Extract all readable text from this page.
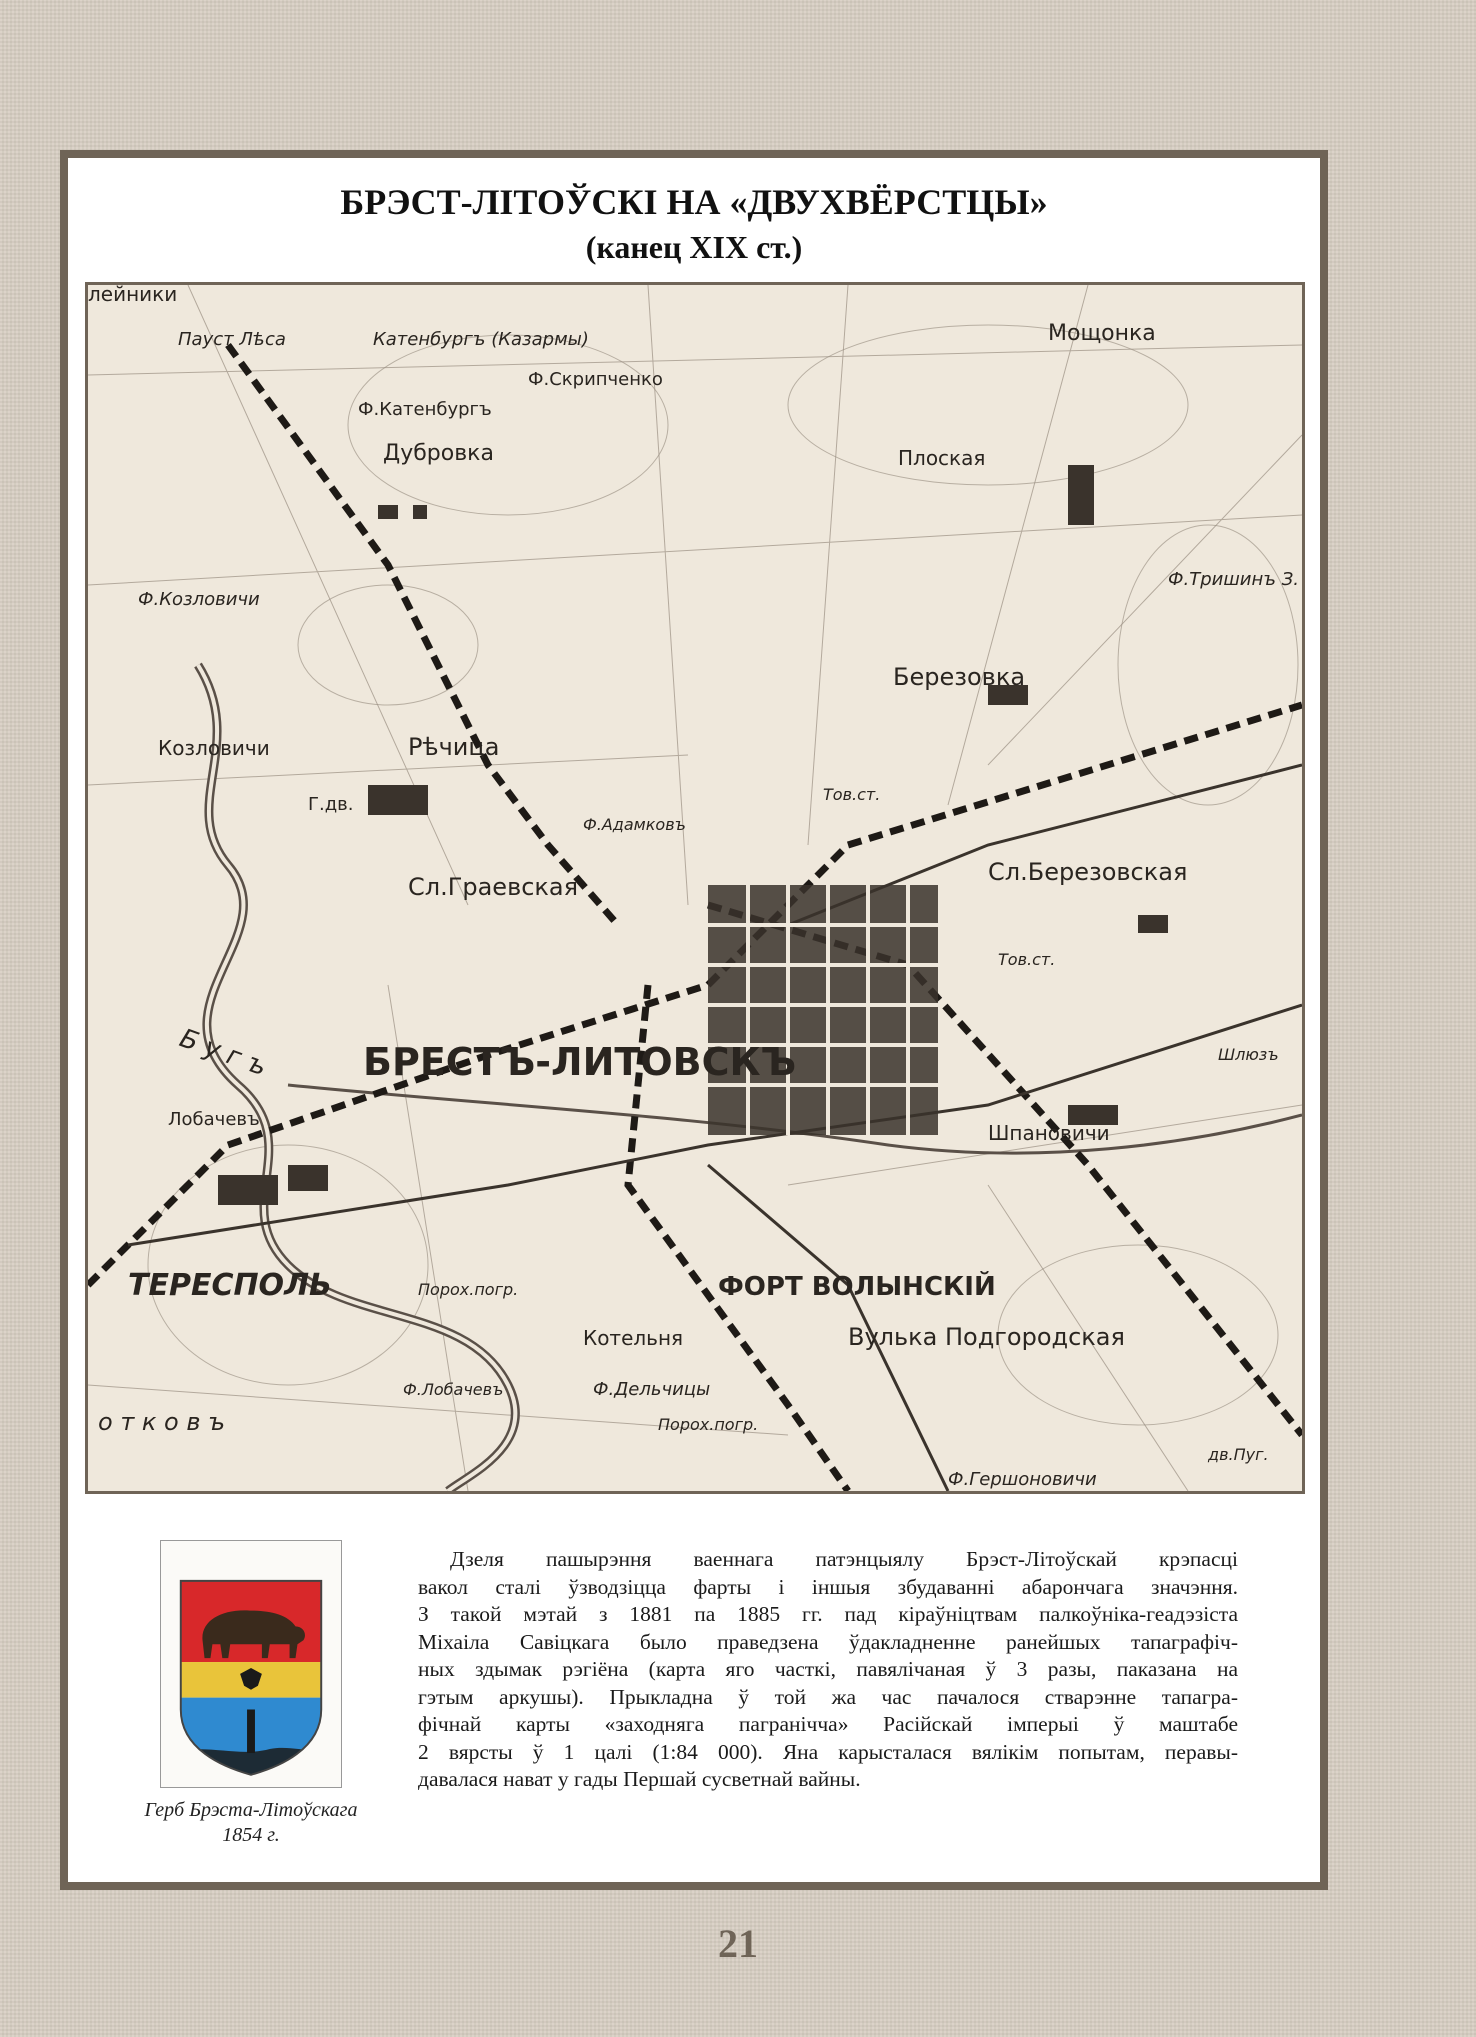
БРЭСТ-ЛІТОЎСКІ НА «ДВУХВЁРСТЦЫ»
(канец XIX ст.)
лейники
Пауст Лѣса	Катенбургъ (Казармы)
Ф.Скрипченко
Ф.Катенбургъ
Дубровка
Мощонка
Плоская
Ф.Тришинъ З.
Ф.Козловичи
Березовка
Козловичи	Рѣчица
Г.дв.	Тов.ст.
Ф.Адамковъ
Сл.Березовская
Сл.Граевская
Тов.ст.
Б у г ъ БРЕСТЪ-ЛИТОВСКЪ	Шлюзъ
Лобачевъ
Шпановичи
ТЕРЕСПОЛЬ	ФОРТ ВОЛЫНСКІЙ
Порох.погр.
Котельня	Вулька Подгородская
Ф.Лобачевъ	Ф.Дельчицы
Порох.погр.
о т к о в ъ
дв.Пуг.
Ф.Гершоновичи
Герб Брэста-Літоўскага 1854 г.
Дзеля пашырэння ваеннага патэнцыялу Брэст-Літоўскай крэпасці
вакол сталі ўзводзіцца фарты і іншыя збудаванні абарончага значэння.
З такой мэтай з 1881 па 1885 гг. пад кіраўніцтвам палкоўніка-геадэзіста
Міхаіла Савіцкага было праведзена ўдакладненне ранейшых тапаграфіч-
ных здымак рэгіёна (карта яго часткі, павялічаная ў 3 разы, паказана на
гэтым аркушы). Прыкладна ў той жа час пачалося стварэнне тапагра-
фічнай карты «заходняга пагранічча» Расійскай імперыі ў маштабе
2 вярсты ў 1 цалі (1:84 000). Яна карысталася вялікім попытам, перавы-
давалася нават у гады Першай сусветнай вайны.
21
